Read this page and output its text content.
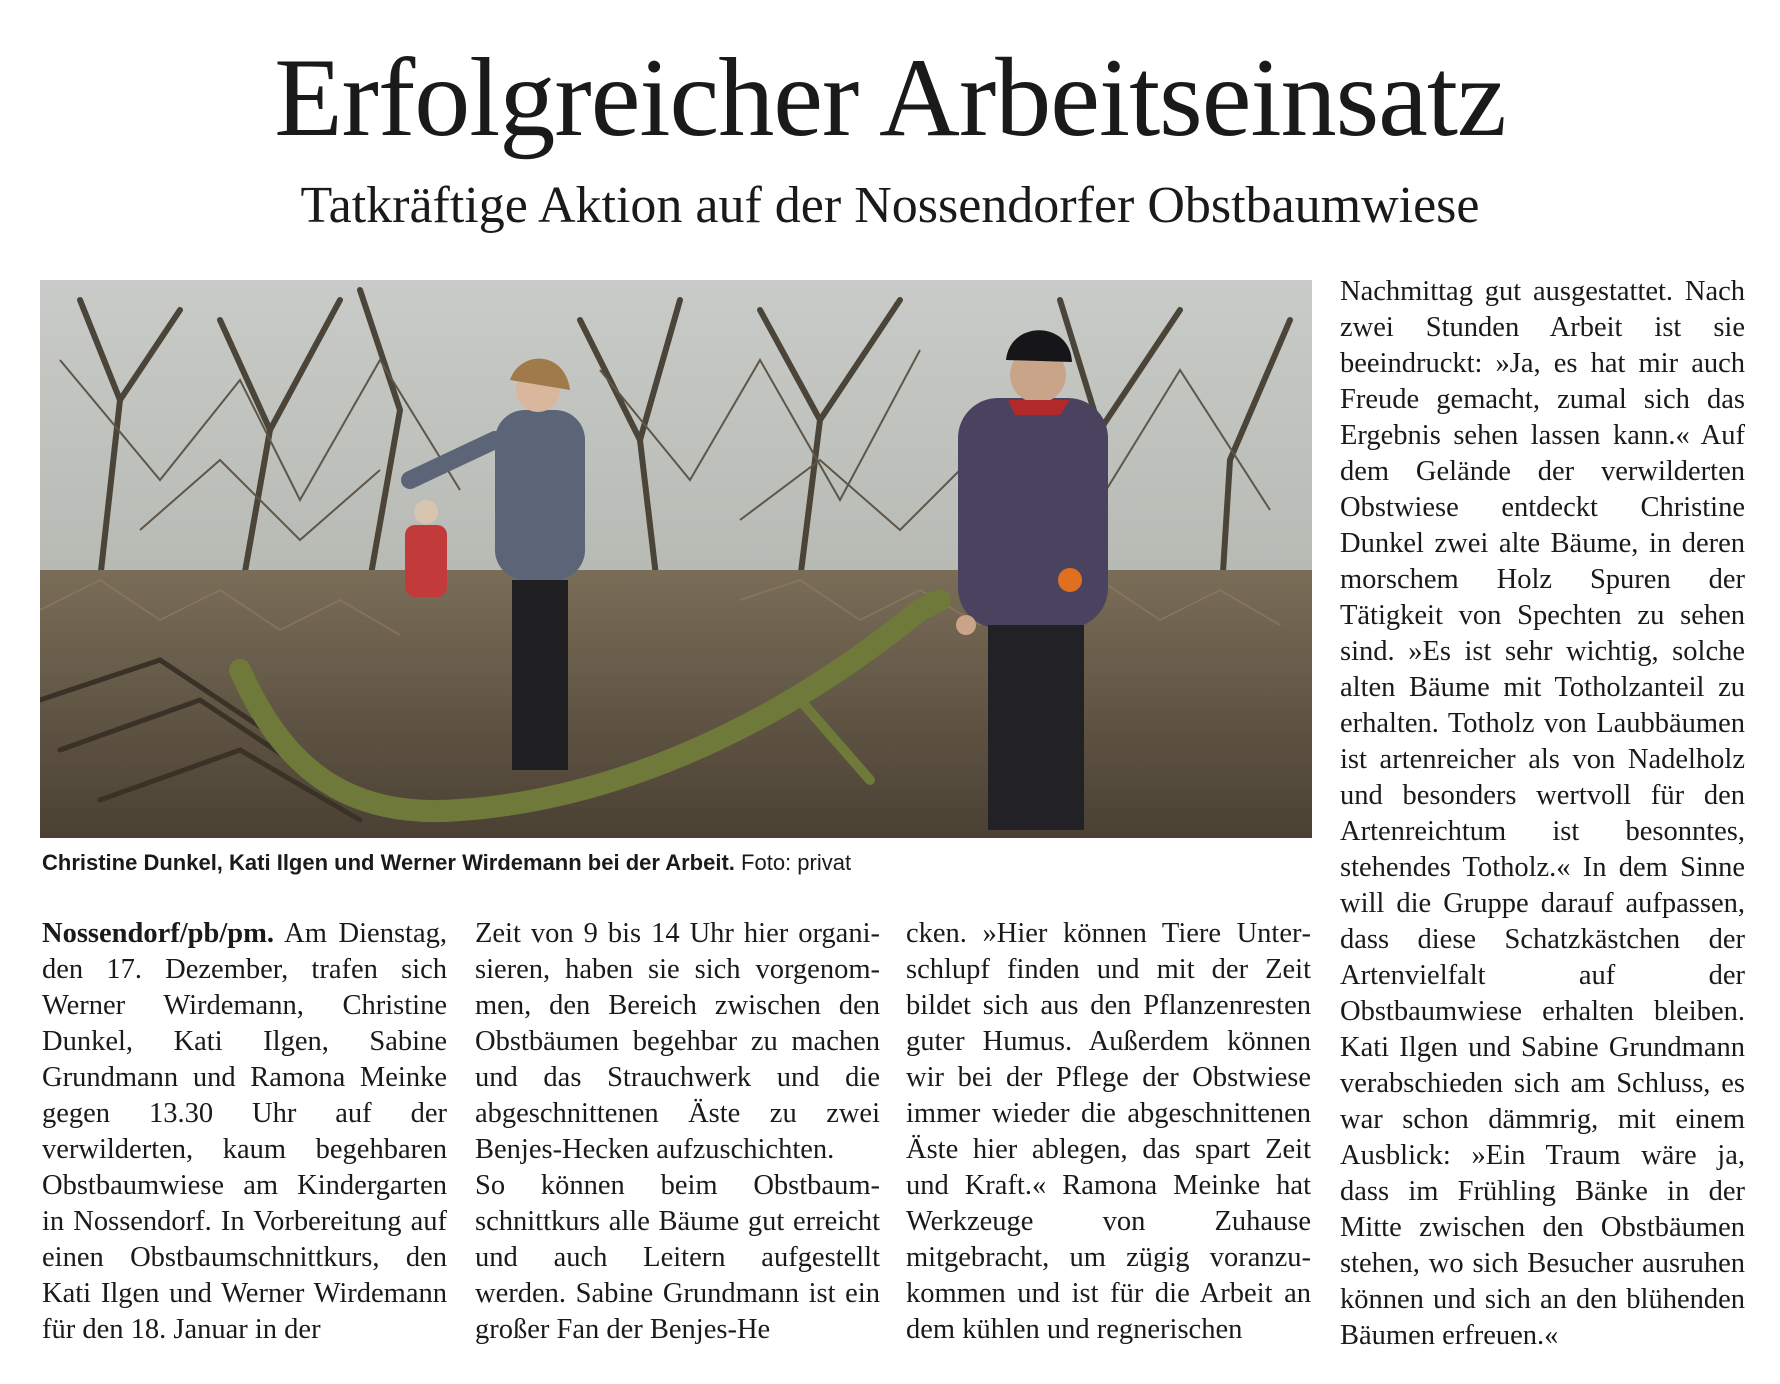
Erfolgreicher Arbeitseinsatz
Tatkräftige Aktion auf der Nossendorfer Obstbaumwiese
Christine Dunkel, Kati Ilgen und Werner Wirdemann bei der Arbeit. Foto: privat

Nossendorf/pb/pm. Am Dienstag, den 17. Dezember, trafen sich Werner Wirdemann, Christine Dunkel, Kati Ilgen, Sabine Grundmann und Ramona Meinke gegen 13.30 Uhr auf der verwilderten, kaum begehbaren Obstbaumwiese am Kindergarten in Nossendorf. In Vorbereitung auf einen Obstbaumschnittkurs, den Kati Ilgen und Werner Wirdemann für den 18. Januar in der

Zeit von 9 bis 14 Uhr hier organisieren, haben sie sich vorgenommen, den Bereich zwischen den Obstbäumen begehbar zu machen und das Strauchwerk und die abgeschnittenen Äste zu zwei Benjes-Hecken aufzuschichten.

So können beim Obstbaumschnittkurs alle Bäume gut erreicht und auch Leitern aufgestellt werden. Sabine Grundmann ist ein großer Fan der Benjes-He

cken. »Hier können Tiere Unterschlupf finden und mit der Zeit bildet sich aus den Pflanzenresten guter Humus. Außerdem können wir bei der Pflege der Obstwiese immer wieder die abgeschnittenen Äste hier ablegen, das spart Zeit und Kraft.« Ramona Meinke hat Werkzeuge von Zuhause mitgebracht, um zügig voranzukommen und ist für die Arbeit an dem kühlen und regnerischen

Nachmittag gut ausgestattet. Nach zwei Stunden Arbeit ist sie beeindruckt: »Ja, es hat mir auch Freude gemacht, zumal sich das Ergebnis sehen lassen kann.« Auf dem Gelände der verwilderten Obstwiese entdeckt Christine Dunkel zwei alte Bäume, in deren morschem Holz Spuren der Tätigkeit von Spechten zu sehen sind. »Es ist sehr wichtig, solche alten Bäume mit Totholzanteil zu erhalten. Totholz von Laubbäumen ist artenreicher als von Nadelholz und besonders wertvoll für den Artenreichtum ist besonntes, stehendes Totholz.« In dem Sinne will die Gruppe darauf aufpassen, dass diese Schatzkästchen der Artenvielfalt auf der Obstbaumwiese erhalten bleiben. Kati Ilgen und Sabine Grundmann verabschieden sich am Schluss, es war schon dämmrig, mit einem Ausblick: »Ein Traum wäre ja, dass im Frühling Bänke in der Mitte zwischen den Obstbäumen stehen, wo sich Besucher ausruhen können und sich an den blühenden Bäumen erfreuen.«
